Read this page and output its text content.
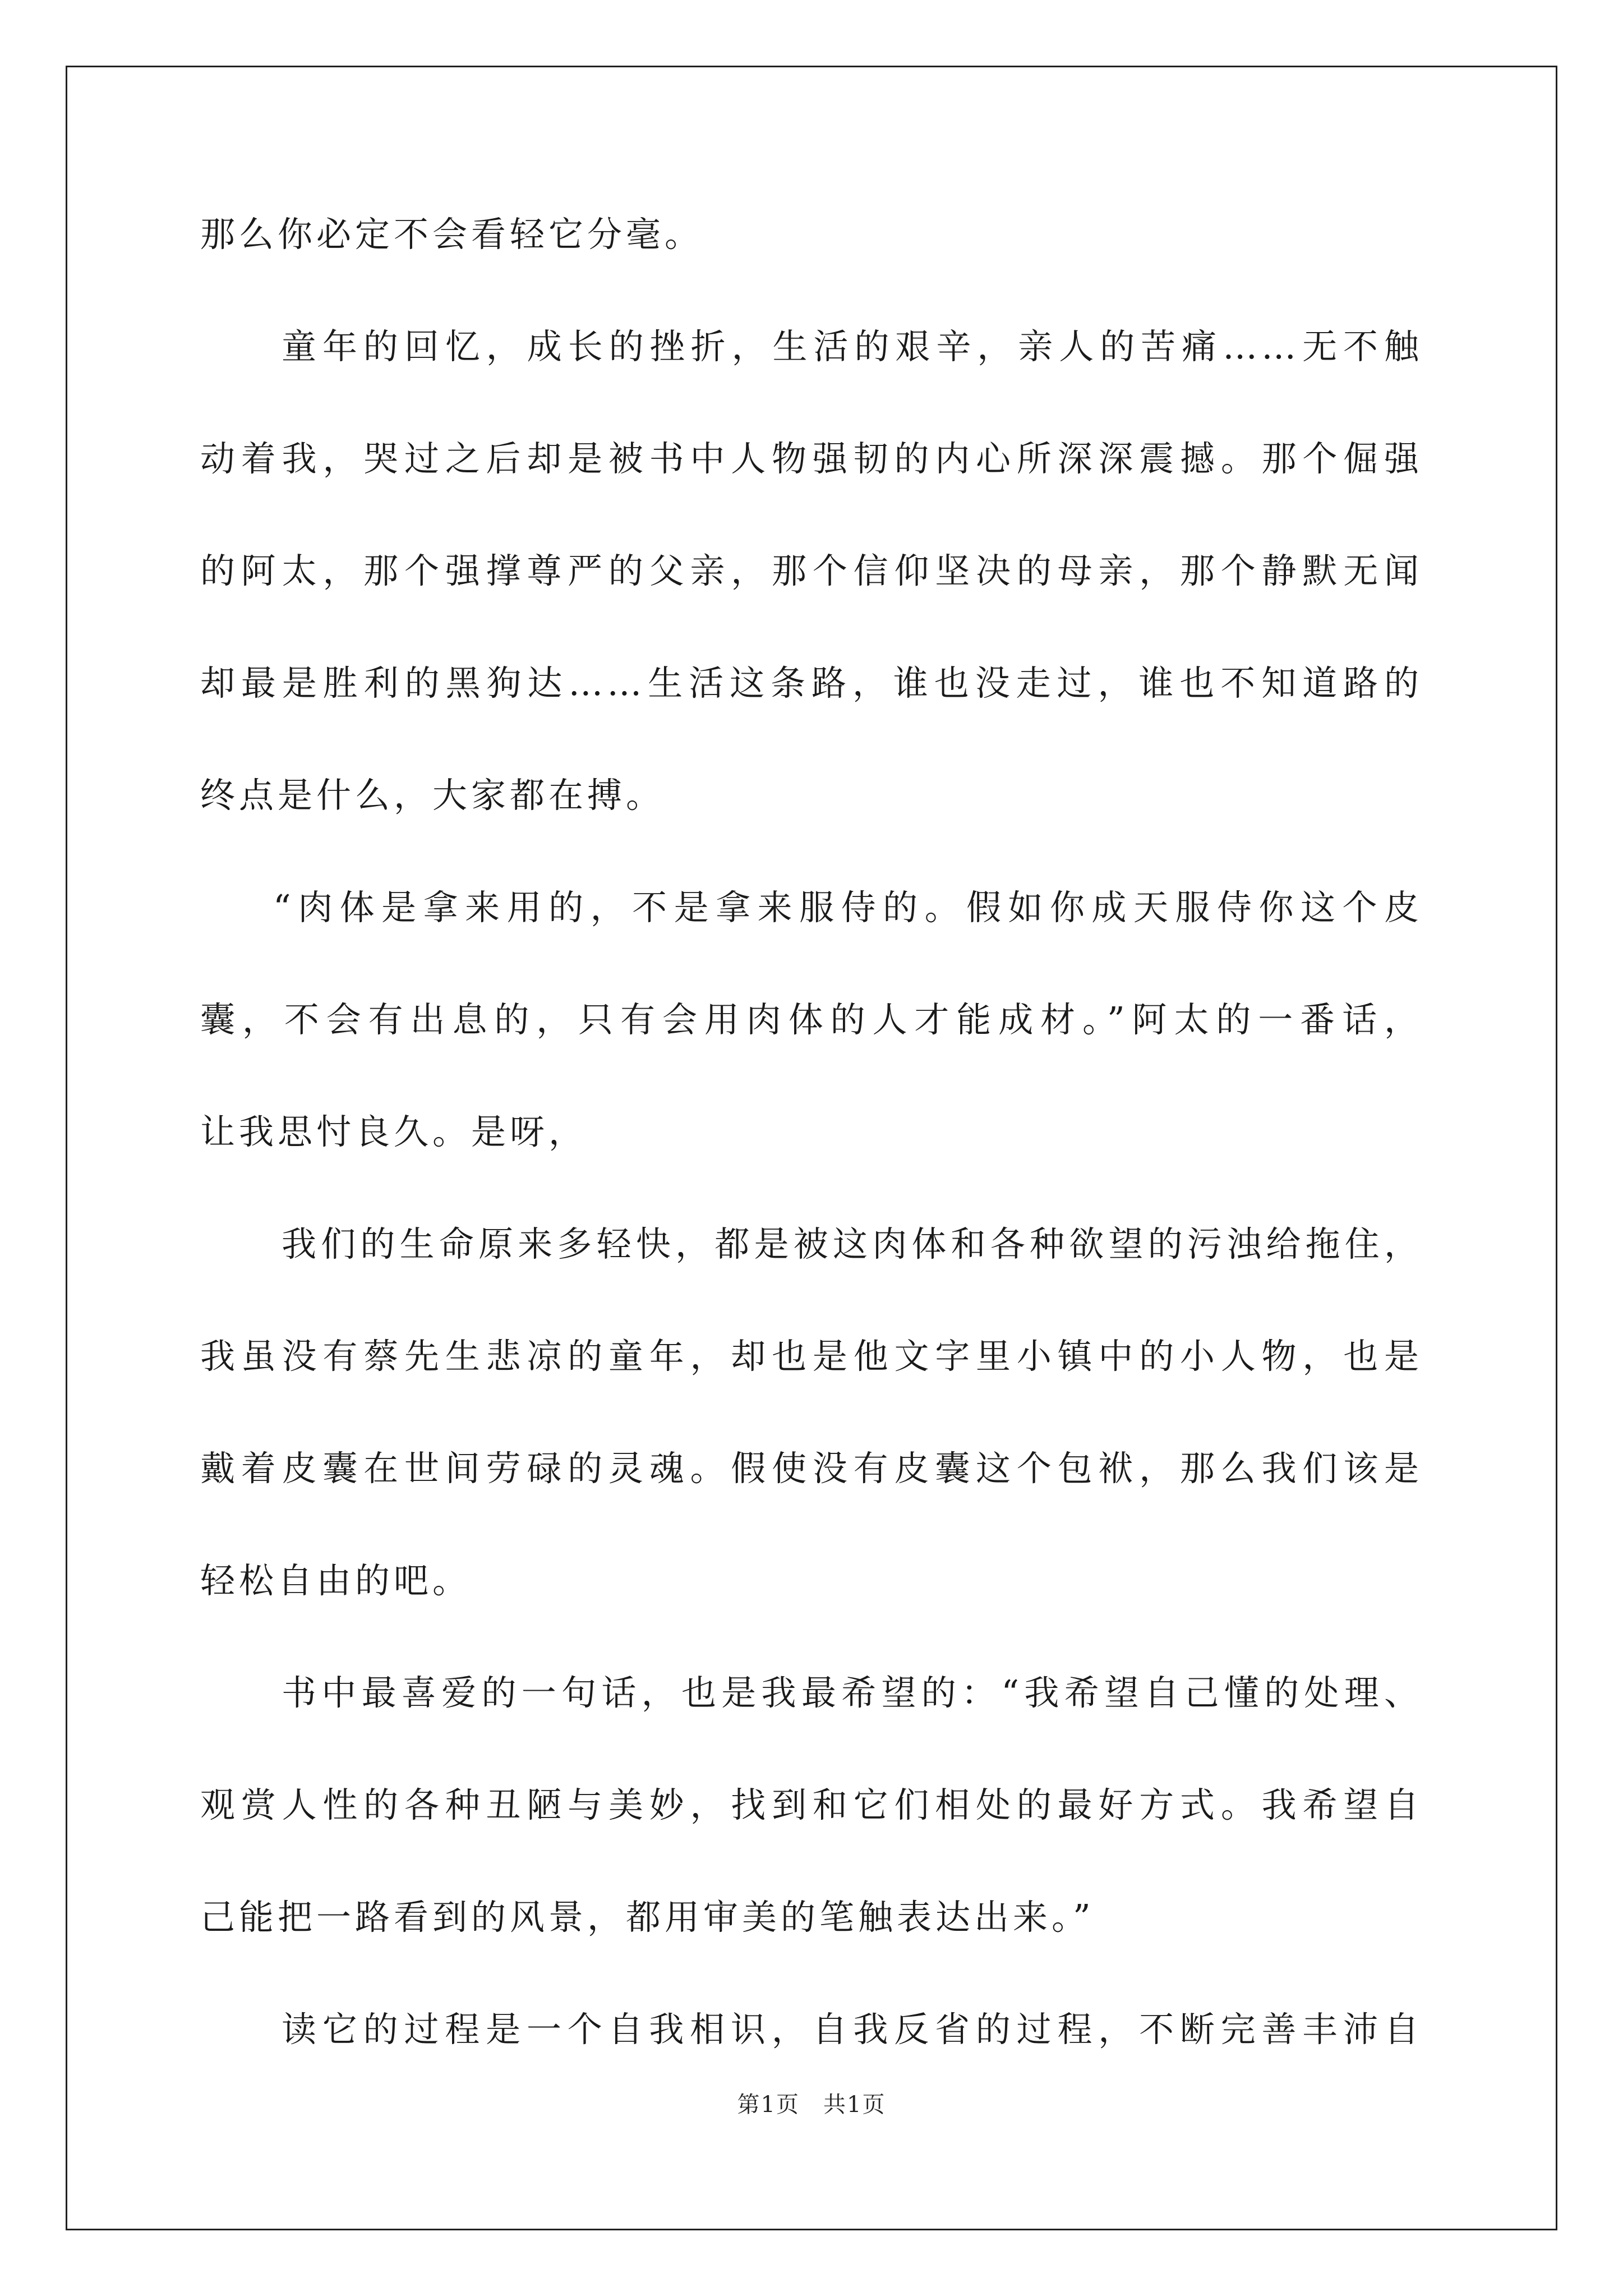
那么你必定不会看轻它分毫。
童年的回忆，成长的挫折，生活的艰辛，亲人的苦痛……无不触
动着我，哭过之后却是被书中人物强韧的内心所深深震撼。那个倔强
的阿太，那个强撑尊严的父亲，那个信仰坚决的母亲，那个静默无闻
却最是胜利的黑狗达……生活这条路，谁也没走过，谁也不知道路的
终点是什么，大家都在搏。
“肉体是拿来用的，不是拿来服侍的。假如你成天服侍你这个皮
囊，不会有出息的，只有会用肉体的人才能成材。”阿太的一番话，
让我思忖良久。是呀，
我们的生命原来多轻快，都是被这肉体和各种欲望的污浊给拖住，
我虽没有蔡先生悲凉的童年，却也是他文字里小镇中的小人物，也是
戴着皮囊在世间劳碌的灵魂。假使没有皮囊这个包袱，那么我们该是
轻松自由的吧。
书中最喜爱的一句话，也是我最希望的：“我希望自己懂的处理、
观赏人性的各种丑陋与美妙，找到和它们相处的最好方式。我希望自
己能把一路看到的风景，都用审美的笔触表达出来。”
读它的过程是一个自我相识，自我反省的过程，不断完善丰沛自
第1页　共1页
